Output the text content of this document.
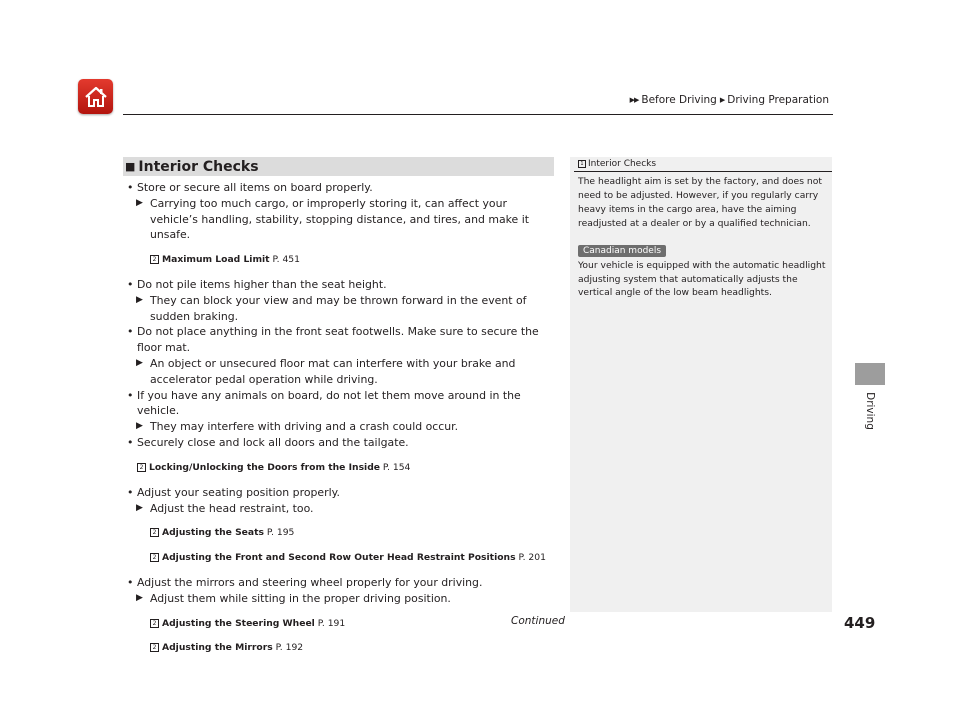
▶▶ Before Driving ▶ Driving Preparation
■ Interior Checks

• Store or secure all items on board properly.

▶ Carrying too much cargo, or improperly storing it, can affect your vehicle’s handling, stability, stopping distance, and tires, and make it unsafe.

2 Maximum Load Limit P. 451

• Do not pile items higher than the seat height.

▶ They can block your view and may be thrown forward in the event of sudden braking.

• Do not place anything in the front seat footwells. Make sure to secure the floor mat.

▶ An object or unsecured floor mat can interfere with your brake and accelerator pedal operation while driving.

• If you have any animals on board, do not let them move around in the vehicle.

▶ They may interfere with driving and a crash could occur.

• Securely close and lock all doors and the tailgate.

2 Locking/Unlocking the Doors from the Inside P. 154

• Adjust your seating position properly.

▶ Adjust the head restraint, too.

2 Adjusting the Seats P. 195

2 Adjusting the Front and Second Row Outer Head Restraint Positions P. 201

• Adjust the mirrors and steering wheel properly for your driving.

▶ Adjust them while sitting in the proper driving position.

2 Adjusting the Steering Wheel P. 191

2 Adjusting the Mirrors P. 192

1 Interior Checks
The headlight aim is set by the factory, and does not need to be adjusted. However, if you regularly carry heavy items in the cargo area, have the aiming readjusted at a dealer or by a qualified technician.
Canadian models
Your vehicle is equipped with the automatic headlight adjusting system that automatically adjusts the vertical angle of the low beam headlights.
Driving
Continued	449
